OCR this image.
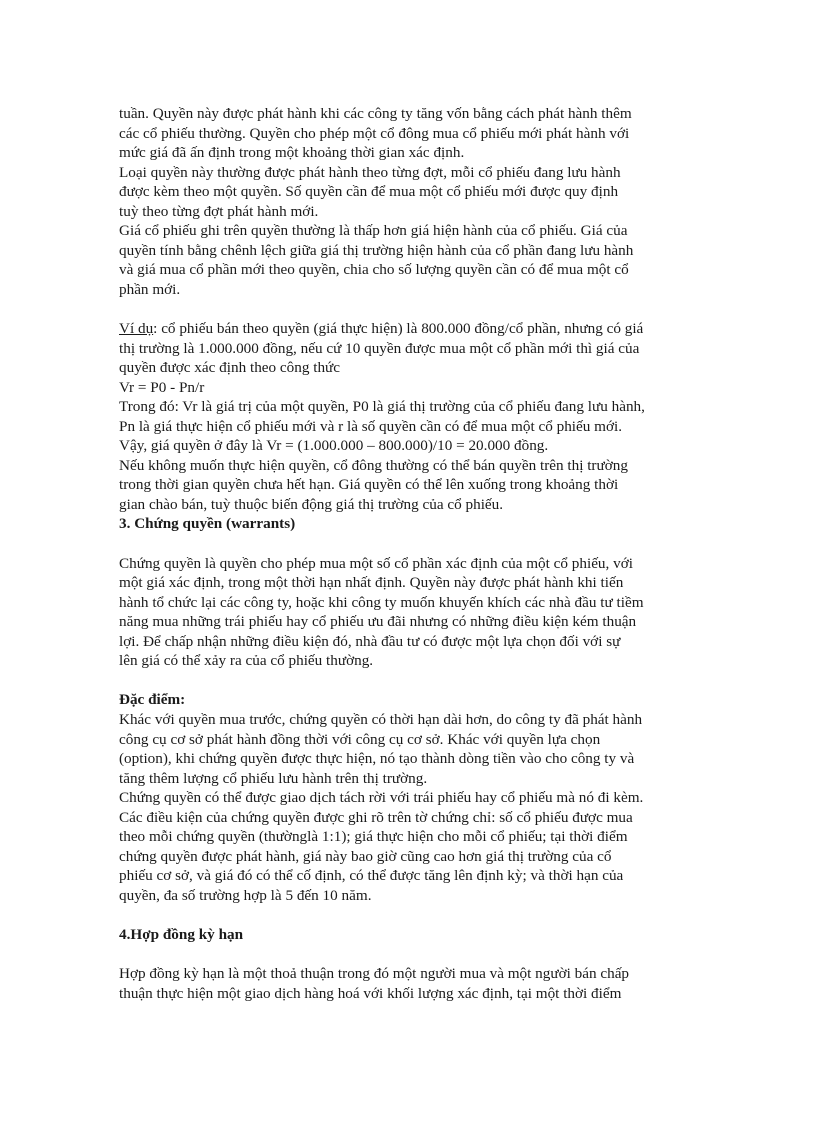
tuần. Quyền này được phát hành khi các công ty tăng vốn bằng cách phát hành thêm
các cổ phiếu thường. Quyền cho phép một cổ đông mua cổ phiếu mới phát hành với
mức giá đã ấn định trong một khoảng thời gian xác định.
Loại quyền này thường được phát hành theo từng đợt, mỗi cổ phiếu đang lưu hành
được kèm theo một quyền. Số quyền cần để mua một cổ phiếu mới được quy định
tuỳ theo từng đợt phát hành mới.
Giá cổ phiếu ghi trên quyền thường là thấp hơn giá hiện hành của cổ phiếu. Giá của
quyền tính bằng chênh lệch giữa giá thị trường hiện hành của cổ phần đang lưu hành
và giá mua cổ phần mới theo quyền, chia cho số lượng quyền cần có để mua một cổ
phần mới.
Ví dụ: cổ phiếu bán theo quyền (giá thực hiện) là 800.000 đồng/cổ phần, nhưng có giá
thị trường là 1.000.000 đồng, nếu cứ 10 quyền được mua một cổ phần mới thì giá của
quyền được xác định theo công thức
Vr = P0 - Pn/r
Trong đó: Vr là giá trị của một quyền, P0 là giá thị trường của cổ phiếu đang lưu hành,
Pn là giá thực hiện cổ phiếu mới và r là số quyền cần có để mua một cổ phiếu mới.
Vậy, giá quyền ở đây là Vr = (1.000.000 – 800.000)/10 = 20.000 đồng.
Nếu không muốn thực hiện quyền, cổ đông thường có thể bán quyền trên thị trường
trong thời gian quyền chưa hết hạn. Giá quyền có thể lên xuống trong khoảng thời
gian chào bán, tuỳ thuộc biến động giá thị trường của cổ phiếu.
3. Chứng quyền (warrants)
Chứng quyền là quyền cho phép mua một số cổ phần xác định của một cổ phiếu, với
một giá xác định, trong một thời hạn nhất định. Quyền này được phát hành khi tiến
hành tổ chức lại các công ty, hoặc khi công ty muốn khuyến khích các nhà đầu tư tiềm
năng mua những trái phiếu hay cổ phiếu ưu đãi nhưng có những điều kiện kém thuận
lợi. Để chấp nhận những điều kiện đó, nhà đầu tư có được một lựa chọn đối với sự
lên giá có thể xảy ra của cổ phiếu thường.
Đặc điểm:
Khác với quyền mua trước, chứng quyền có thời hạn dài hơn, do công ty đã phát hành
công cụ cơ sở phát hành đồng thời với công cụ cơ sở. Khác với quyền lựa chọn
(option), khi chứng quyền được thực hiện, nó tạo thành dòng tiền vào cho công ty và
tăng thêm lượng cổ phiếu lưu hành trên thị trường.
Chứng quyền có thể được giao dịch tách rời với trái phiếu hay cổ phiếu mà nó đi kèm.
Các điều kiện của chứng quyền được ghi rõ trên tờ chứng chỉ: số cổ phiếu được mua
theo mỗi chứng quyền (thườnglà 1:1); giá thực hiện cho mỗi cổ phiếu; tại thời điểm
chứng quyền được phát hành, giá này bao giờ cũng cao hơn giá thị trường của cổ
phiếu cơ sở, và giá đó có thể cố định, có thể được tăng lên định kỳ; và thời hạn của
quyền, đa số trường hợp là 5 đến 10 năm.
4.Hợp đồng kỳ hạn
Hợp đồng kỳ hạn là một thoả thuận trong đó một người mua và một người bán chấp
thuận thực hiện một giao dịch hàng hoá với khối lượng xác định, tại một thời điểm
